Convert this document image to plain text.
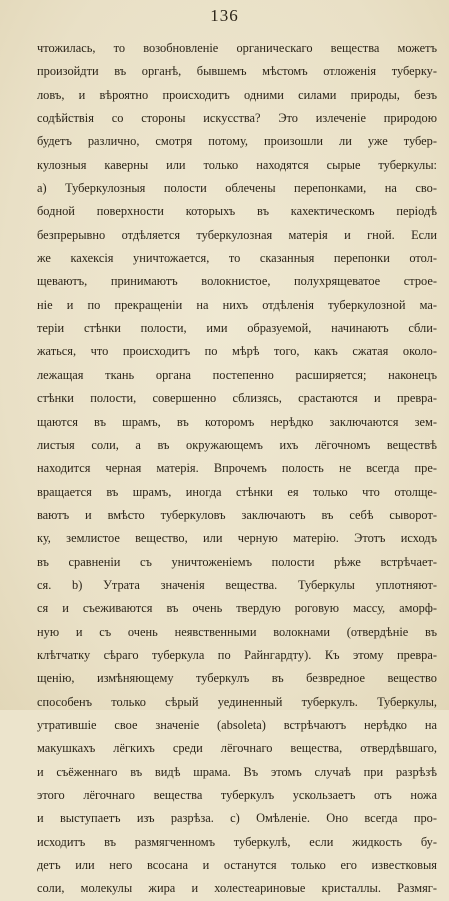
136
чтожилась, то возобновленіе органическаго вещества можетъ
произойдти въ органѣ, бывшемъ мѣстомъ отложенія туберку-
ловъ, и вѣроятно происходитъ одними силами природы, безъ
содѣйствія со стороны искусства? Это излеченіе природою
будетъ различно, смотря потому, произошли ли уже тубер-
кулозныя каверны или только находятся сырые туберкулы:
а) Туберкулозныя полости облечены перепонками, на сво-
бодной поверхности которыхъ въ кахектическомъ періодѣ
безпрерывно отдѣляется туберкулозная матерія и гной. Если
же кахексія уничтожается, то сказанныя перепонки отол-
щеваютъ, принимаютъ волокнистое, полухрящеватое строе-
ніе и по прекращеніи на нихъ отдѣленія туберкулозной ма-
теріи стѣнки полости, ими образуемой, начинаютъ сбли-
жаться, что происходитъ по мѣрѣ того, какъ сжатая около-
лежащая ткань органа постепенно расширяется; наконецъ
стѣнки полости, совершенно сблизясь, срастаются и превра-
щаются въ шрамъ, въ которомъ нерѣдко заключаются зем-
листыя соли, а въ окружающемъ ихъ лёгочномъ веществѣ
находится черная матерія. Впрочемъ полость не всегда пре-
вращается въ шрамъ, иногда стѣнки ея только что отолще-
ваютъ и вмѣсто туберкуловъ заключаютъ въ себѣ сыворот-
ку, землистое вещество, или черную матерію. Этотъ исходъ
въ сравненіи съ уничтоженіемъ полости рѣже встрѣчает-
ся. b) Утрата значенія вещества. Туберкулы уплотняют-
ся и съеживаются въ очень твердую роговую массу, аморф-
ную и съ очень неявственными волокнами (отвердѣніе въ
клѣтчатку сѣраго туберкула по Райнгардту). Къ этому превра-
щенію, измѣняющему туберкулъ въ безвредное вещество
способенъ только сѣрый уединенный туберкулъ. Туберкулы,
утратившіе свое значеніе (absoleta) встрѣчаютъ нерѣдко на
макушкахъ лёгкихъ среди лёгочнаго вещества, отвердѣвшаго,
и съёженнаго въ видѣ шрама. Въ этомъ случаѣ при разрѣзѣ
этого лёгочнаго вещества туберкулъ ускользаетъ отъ ножа
и выступаетъ изъ разрѣза. с) Омѣленіе. Оно всегда про-
исходитъ въ размягченномъ туберкулѣ, если жидкость бу-
детъ или него всосана и останутся только его известковыя
соли, молекулы жира и холестеариновые кристаллы. Размяг-
